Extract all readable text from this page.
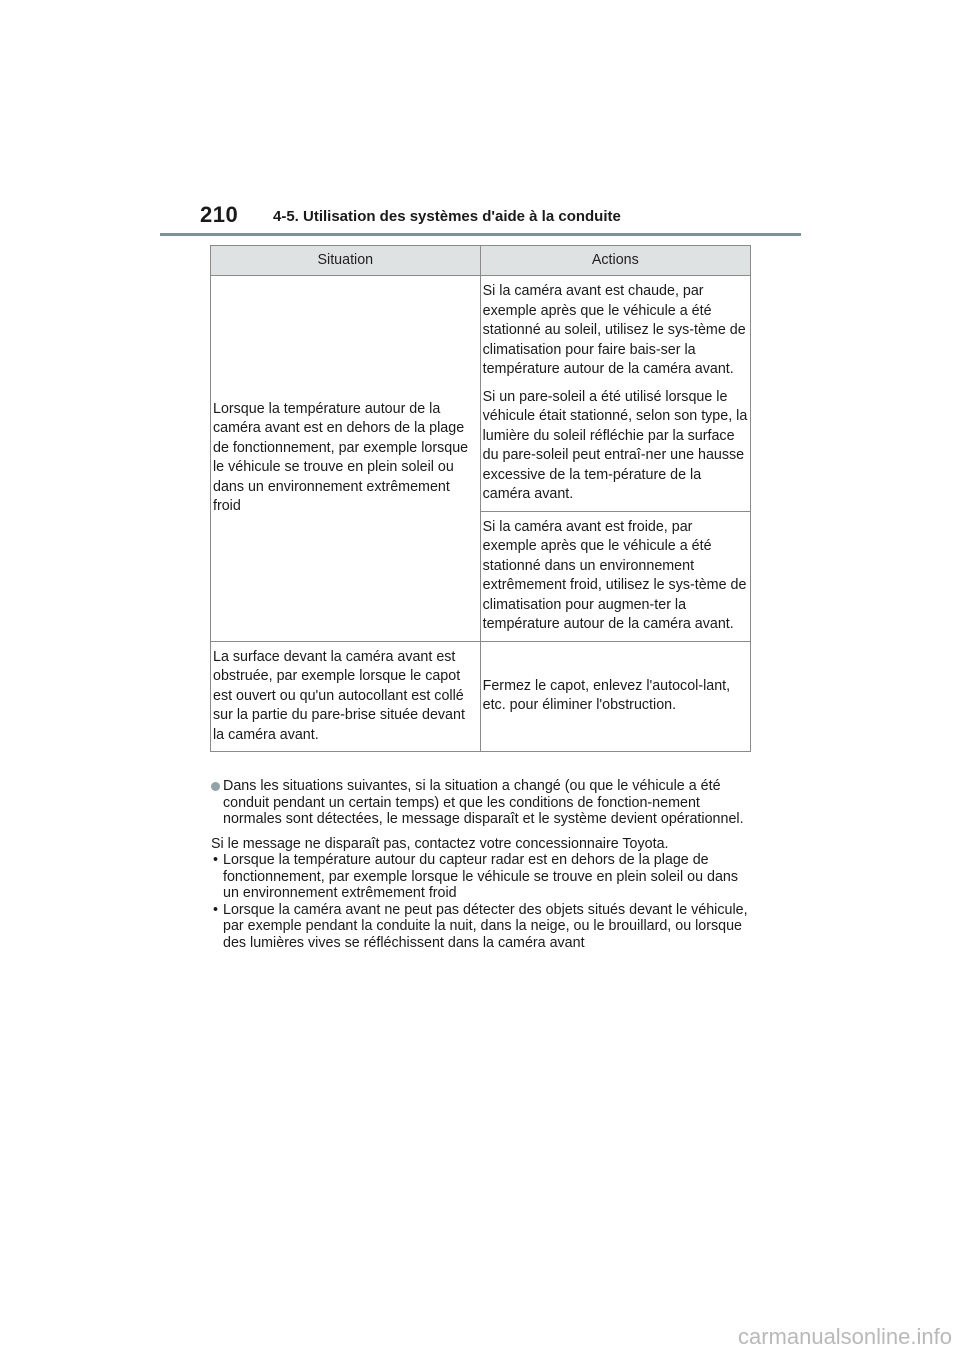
210 4-5. Utilisation des systèmes d'aide à la conduite
Situation	Actions
Lorsque la température autour de la caméra avant est en dehors de la plage de fonctionnement, par exemple lorsque le véhicule se trouve en plein soleil ou dans un environnement extrêmement froid	Si la caméra avant est chaude, par exemple après que le véhicule a été stationné au soleil, utilisez le sys-tème de climatisation pour faire bais-ser la température autour de la caméra avant.

Si un pare-soleil a été utilisé lorsque le véhicule était stationné, selon son type, la lumière du soleil réfléchie par la surface du pare-soleil peut entraî-ner une hausse excessive de la tem-pérature de la caméra avant.

	Si la caméra avant est froide, par exemple après que le véhicule a été stationné dans un environnement extrêmement froid, utilisez le sys-tème de climatisation pour augmen-ter la température autour de la caméra avant.

La surface devant la caméra avant est obstruée, par exemple lorsque le capot est ouvert ou qu'un autocollant est collé sur la partie du pare-brise située devant la caméra avant.	Fermez le capot, enlevez l'autocol-lant, etc. pour éliminer l'obstruction.
Dans les situations suivantes, si la situation a changé (ou que le véhicule a été conduit pendant un certain temps) et que les conditions de fonction-nement normales sont détectées, le message disparaît et le système devient opérationnel.

Si le message ne disparaît pas, contactez votre concessionnaire Toyota.

• Lorsque la température autour du capteur radar est en dehors de la plage de fonctionnement, par exemple lorsque le véhicule se trouve en plein soleil ou dans un environnement extrêmement froid
• Lorsque la caméra avant ne peut pas détecter des objets situés devant le véhicule, par exemple pendant la conduite la nuit, dans la neige, ou le brouillard, ou lorsque des lumières vives se réfléchissent dans la caméra avant
carmanualsonline.info
